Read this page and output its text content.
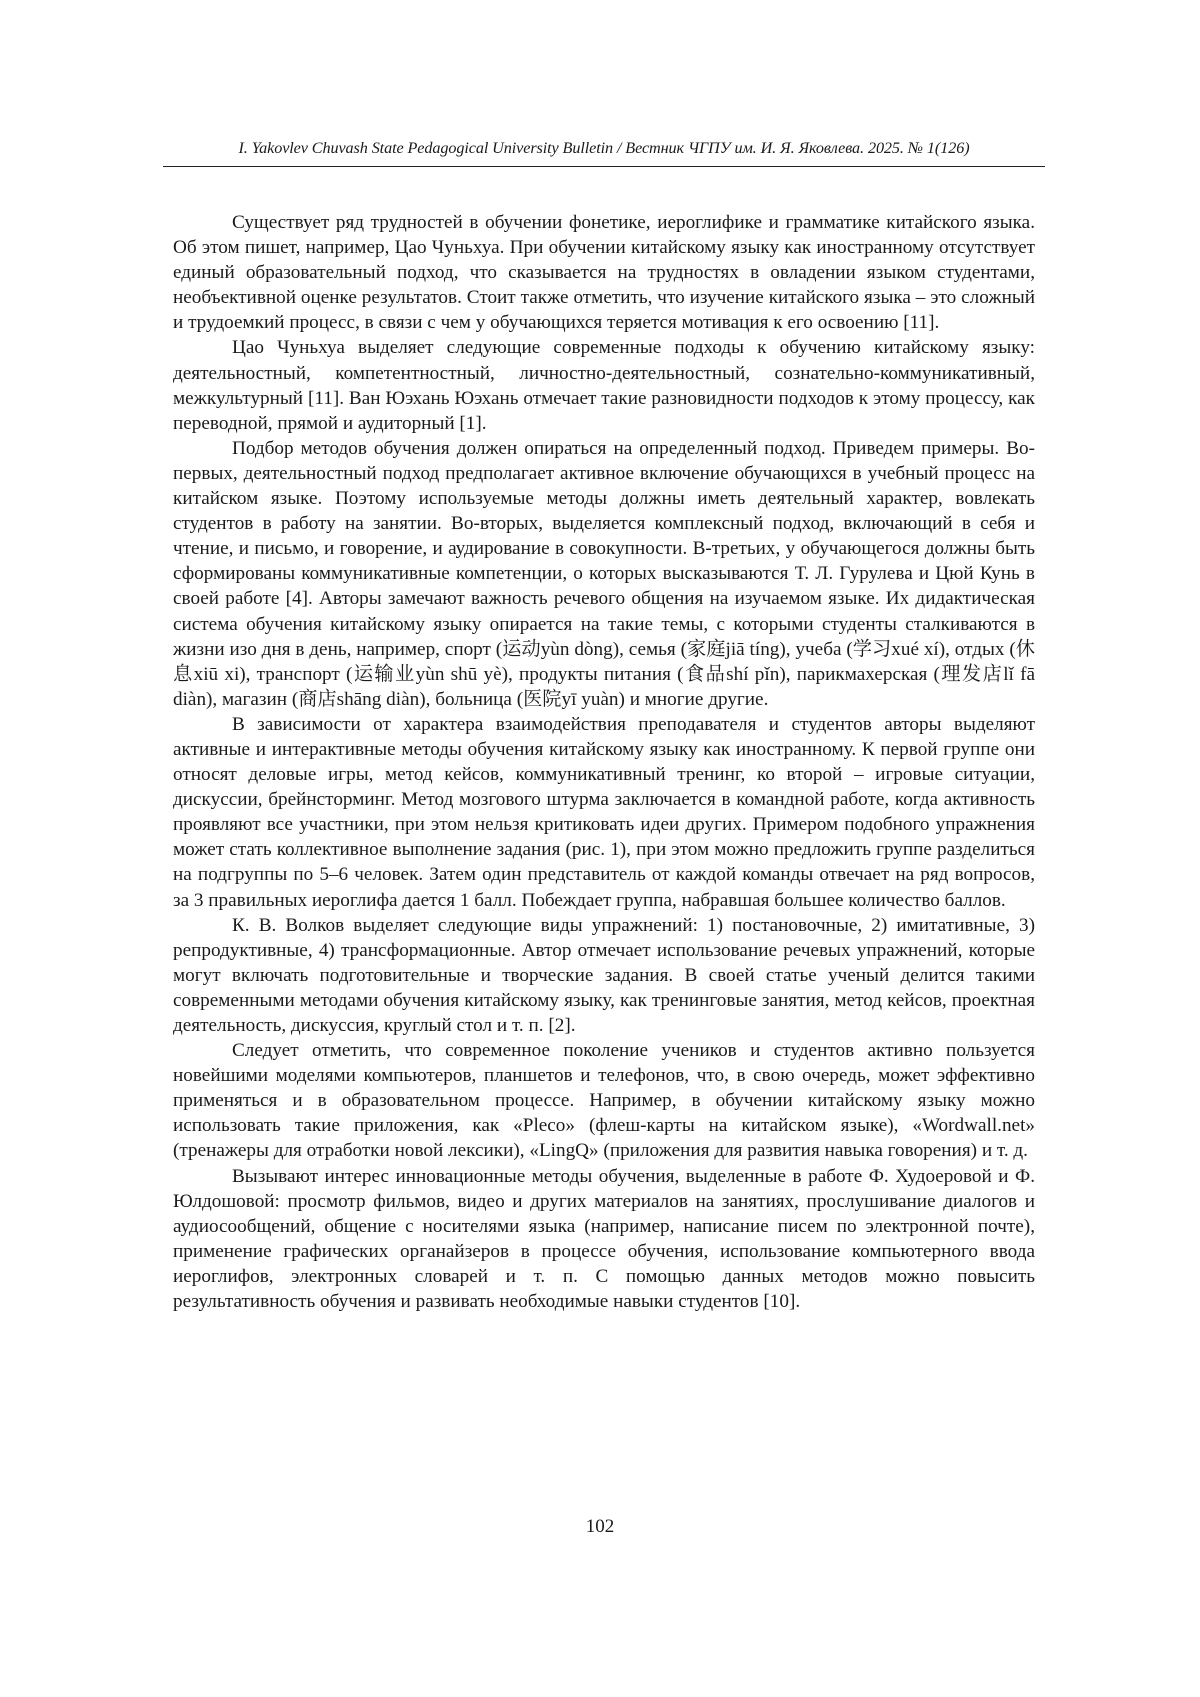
I. Yakovlev Chuvash State Pedagogical University Bulletin / Вестник ЧГПУ им. И. Я. Яковлева. 2025. № 1(126)

Существует ряд трудностей в обучении фонетике, иероглифике и грамматике китайского языка. Об этом пишет, например, Цао Чуньхуа. При обучении китайскому языку как иностранному отсутствует единый образовательный подход, что сказывается на трудностях в овладении языком студентами, необъективной оценке результатов. Стоит также отметить, что изучение китайского языка – это сложный и трудоемкий процесс, в связи с чем у обучающихся теряется мотивация к его освоению [11].

Цао Чуньхуа выделяет следующие современные подходы к обучению китайскому языку: деятельностный, компетентностный, личностно-деятельностный, сознательно-коммуникативный, межкультурный [11]. Ван Юэхань Юэхань отмечает такие разновидности подходов к этому процессу, как переводной, прямой и аудиторный [1].

Подбор методов обучения должен опираться на определенный подход. Приведем примеры. Во-первых, деятельностный подход предполагает активное включение обучающихся в учебный процесс на китайском языке. Поэтому используемые методы должны иметь деятельный характер, вовлекать студентов в работу на занятии. Во-вторых, выделяется комплексный подход, включающий в себя и чтение, и письмо, и говорение, и аудирование в совокупности. В-третьих, у обучающегося должны быть сформированы коммуникативные компетенции, о которых высказываются Т. Л. Гурулева и Цюй Кунь в своей работе [4]. Авторы замечают важность речевого общения на изучаемом языке. Их дидактическая система обучения китайскому языку опирается на такие темы, с которыми студенты сталкиваются в жизни изо дня в день, например, спорт (运动yùn dòng), семья (家庭jiā tíng), учеба (学习xué xí), отдых (休息xiū xi), транспорт (运输业yùn shū yè), продукты питания (食品shí pǐn), парикмахерская (理发店lǐ fā diàn), магазин (商店shāng diàn), больница (医院yī yuàn) и многие другие.

В зависимости от характера взаимодействия преподавателя и студентов авторы выделяют активные и интерактивные методы обучения китайскому языку как иностранному. К первой группе они относят деловые игры, метод кейсов, коммуникативный тренинг, ко второй – игровые ситуации, дискуссии, брейнсторминг. Метод мозгового штурма заключается в командной работе, когда активность проявляют все участники, при этом нельзя критиковать идеи других. Примером подобного упражнения может стать коллективное выполнение задания (рис. 1), при этом можно предложить группе разделиться на подгруппы по 5–6 человек. Затем один представитель от каждой команды отвечает на ряд вопросов, за 3 правильных иероглифа дается 1 балл. Побеждает группа, набравшая большее количество баллов.

К. В. Волков выделяет следующие виды упражнений: 1) постановочные, 2) имитативные, 3) репродуктивные, 4) трансформационные. Автор отмечает использование речевых упражнений, которые могут включать подготовительные и творческие задания. В своей статье ученый делится такими современными методами обучения китайскому языку, как тренинговые занятия, метод кейсов, проектная деятельность, дискуссия, круглый стол и т. п. [2].

Следует отметить, что современное поколение учеников и студентов активно пользуется новейшими моделями компьютеров, планшетов и телефонов, что, в свою очередь, может эффективно применяться и в образовательном процессе. Например, в обучении китайскому языку можно использовать такие приложения, как «Pleco» (флеш-карты на китайском языке), «Wordwall.net» (тренажеры для отработки новой лексики), «LingQ» (приложения для развития навыка говорения) и т. д.

Вызывают интерес инновационные методы обучения, выделенные в работе Ф. Худоеровой и Ф. Юлдошовой: просмотр фильмов, видео и других материалов на занятиях, прослушивание диалогов и аудиосообщений, общение с носителями языка (например, написание писем по электронной почте), применение графических органайзеров в процессе обучения, использование компьютерного ввода иероглифов, электронных словарей и т. п. С помощью данных методов можно повысить результативность обучения и развивать необходимые навыки студентов [10].

102
